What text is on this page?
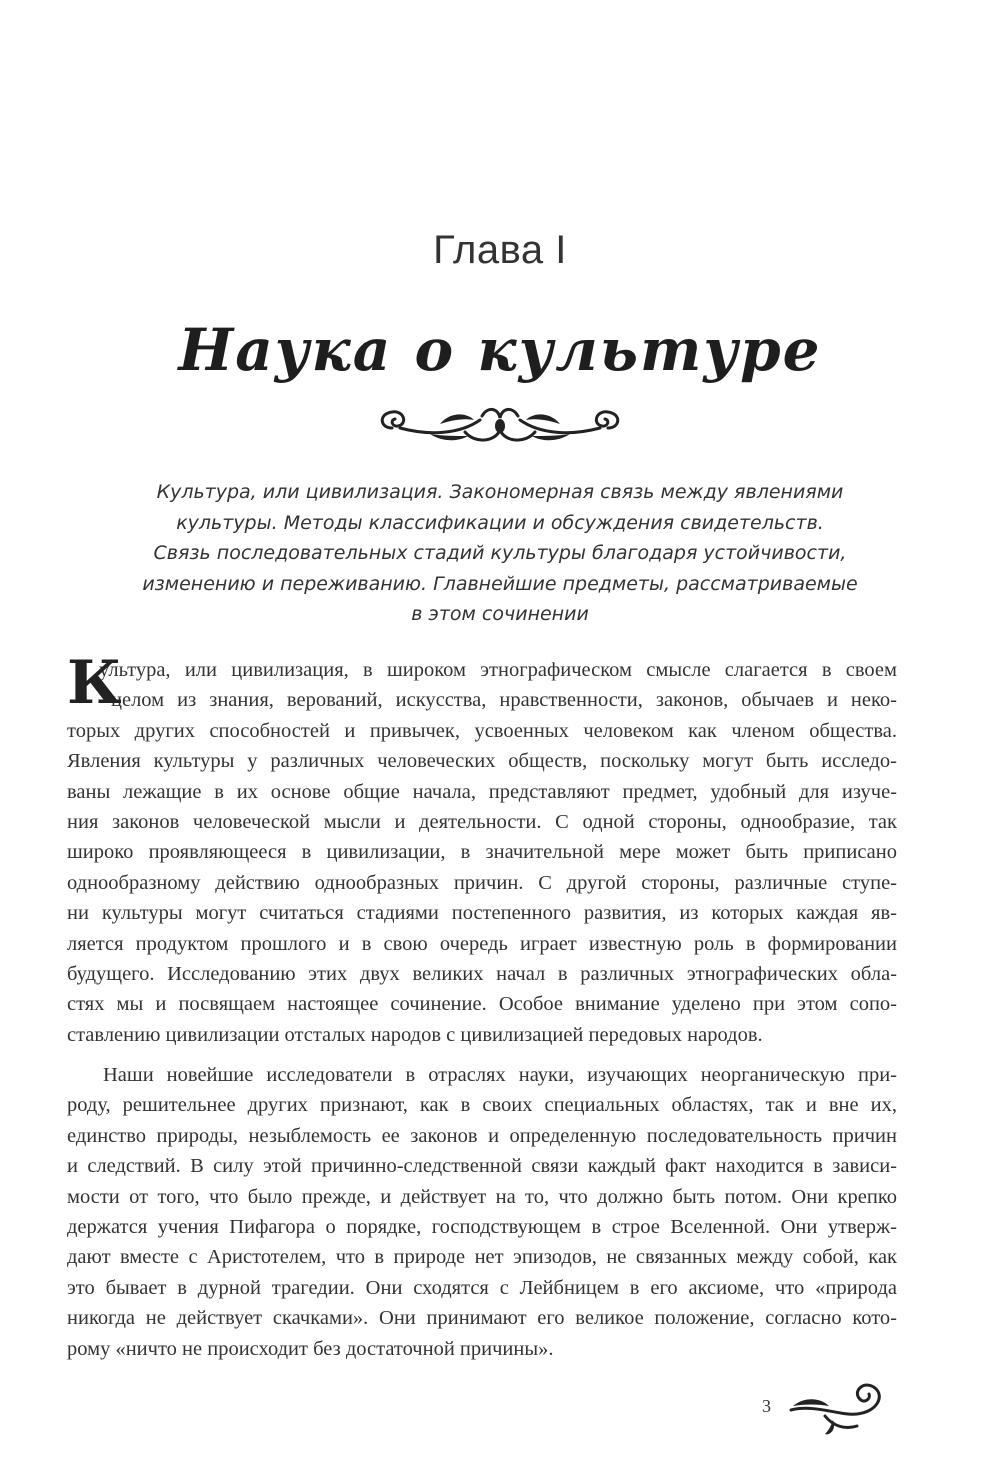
Глава I
Наука о культуре
Культура, или цивилизация. Закономерная связь между явлениями
культуры. Методы классификации и обсуждения свидетельств.
Связь последовательных стадий культуры благодаря устойчивости,
изменению и переживанию. Главнейшие предметы, рассматриваемые
в этом сочинении
К
ультура, или цивилизация, в широком этнографическом смысле слагается в своем
целом из знания, верований, искусства, нравственности, законов, обычаев и неко-
торых других способностей и привычек, усвоенных человеком как членом общества.
Явления культуры у различных человеческих обществ, поскольку могут быть исследо-
ваны лежащие в их основе общие начала, представляют предмет, удобный для изуче-
ния законов человеческой мысли и деятельности. С одной стороны, однообразие, так
широко проявляющееся в цивилизации, в значительной мере может быть приписано
однообразному действию однообразных причин. С другой стороны, различные ступе-
ни культуры могут считаться стадиями постепенного развития, из которых каждая яв-
ляется продуктом прошлого и в свою очередь играет известную роль в формировании
будущего. Исследованию этих двух великих начал в различных этнографических обла-
стях мы и посвящаем настоящее сочинение. Особое внимание уделено при этом сопо-
ставлению цивилизации отсталых народов с цивилизацией передовых народов.
Наши новейшие исследователи в отраслях науки, изучающих неорганическую при-
роду, решительнее других признают, как в своих специальных областях, так и вне их,
единство природы, незыблемость ее законов и определенную последовательность причин
и следствий. В силу этой причинно-следственной связи каждый факт находится в зависи-
мости от того, что было прежде, и действует на то, что должно быть потом. Они крепко
держатся учения Пифагора о порядке, господствующем в строе Вселенной. Они утверж-
дают вместе с Аристотелем, что в природе нет эпизодов, не связанных между собой, как
это бывает в дурной трагедии. Они сходятся с Лейбницем в его аксиоме, что «природа
никогда не действует скачками». Они принимают его великое положение, согласно кото-
рому «ничто не происходит без достаточной причины».
3
